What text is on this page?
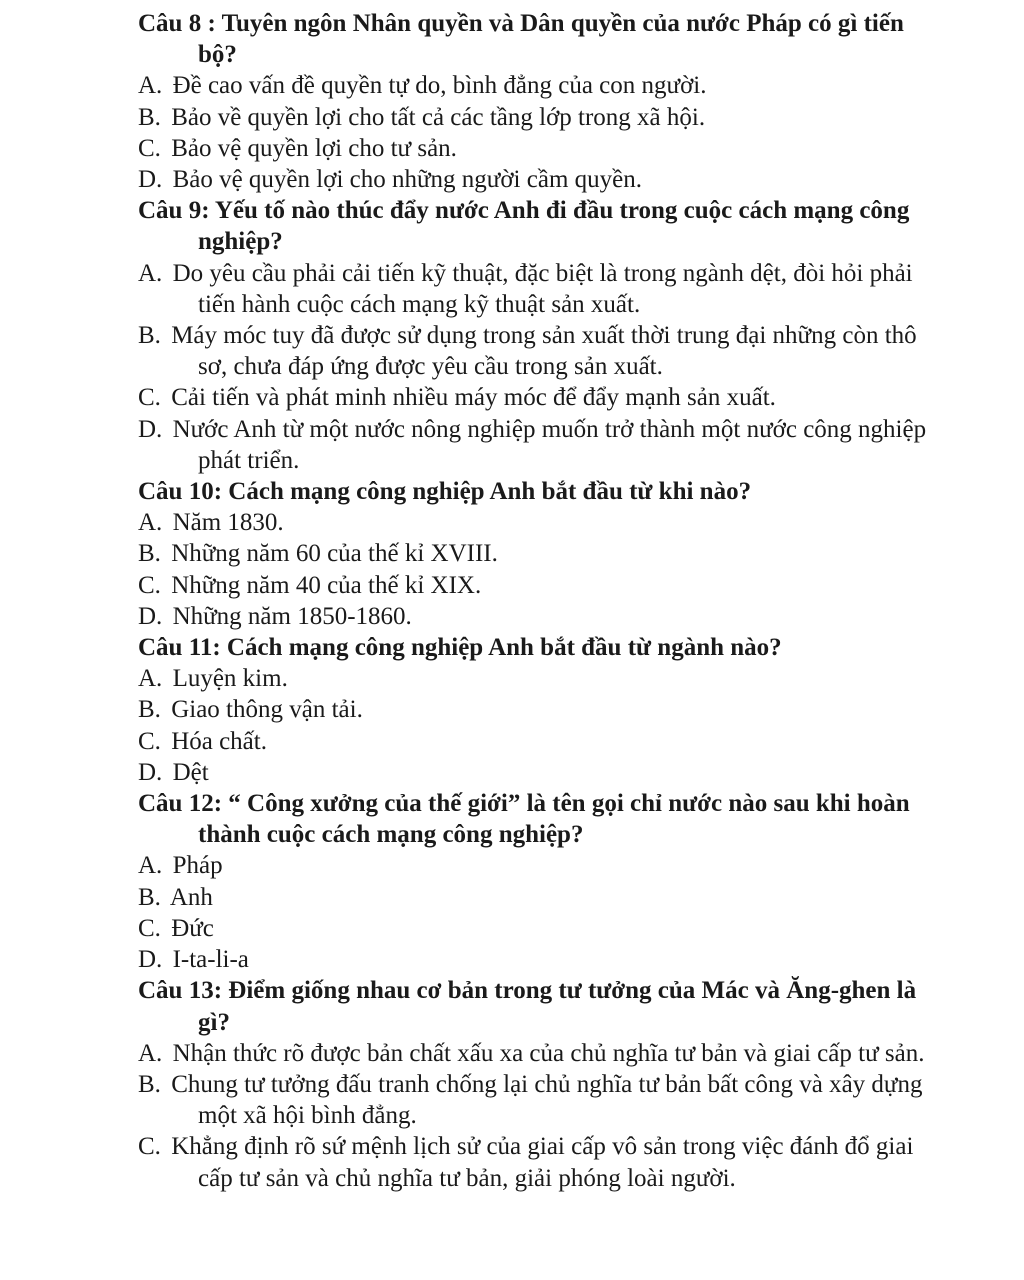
Câu 8 : Tuyên ngôn Nhân quyền và Dân quyền của nước Pháp có gì tiến bộ?

A. Đề cao vấn đề quyền tự do, bình đẳng của con người.

B. Bảo về quyền lợi cho tất cả các tầng lớp trong xã hội.

C. Bảo vệ quyền lợi cho tư sản.

D. Bảo vệ quyền lợi cho những người cầm quyền.

Câu 9: Yếu tố nào thúc đẩy nước Anh đi đầu trong cuộc cách mạng công nghiệp?

A. Do yêu cầu phải cải tiến kỹ thuật, đặc biệt là trong ngành dệt, đòi hỏi phải tiến hành cuộc cách mạng kỹ thuật sản xuất.

B. Máy móc tuy đã được sử dụng trong sản xuất thời trung đại những còn thô sơ, chưa đáp ứng được yêu cầu trong sản xuất.

C. Cải tiến và phát minh nhiều máy móc để đẩy mạnh sản xuất.

D. Nước Anh từ một nước nông nghiệp muốn trở thành một nước công nghiệp phát triển.

Câu 10: Cách mạng công nghiệp Anh bắt đầu từ khi nào?

A. Năm 1830.

B. Những năm 60 của thế kỉ XVIII.

C. Những năm 40 của thế kỉ XIX.

D. Những năm 1850-1860.

Câu 11: Cách mạng công nghiệp Anh bắt đầu từ ngành nào?

A. Luyện kim.

B. Giao thông vận tải.

C. Hóa chất.

D. Dệt

Câu 12: “ Công xưởng của thế giới” là tên gọi chỉ nước nào sau khi hoàn thành cuộc cách mạng công nghiệp?

A. Pháp

B. Anh

C. Đức

D. I-ta-li-a

Câu 13: Điểm giống nhau cơ bản trong tư tưởng của Mác và Ăng-ghen là gì?

A. Nhận thức rõ được bản chất xấu xa của chủ nghĩa tư bản và giai cấp tư sản.

B. Chung tư tưởng đấu tranh chống lại chủ nghĩa tư bản bất công và xây dựng một xã hội bình đẳng.

C. Khẳng định rõ sứ mệnh lịch sử của giai cấp vô sản trong việc đánh đổ giai cấp tư sản và chủ nghĩa tư bản, giải phóng loài người.
